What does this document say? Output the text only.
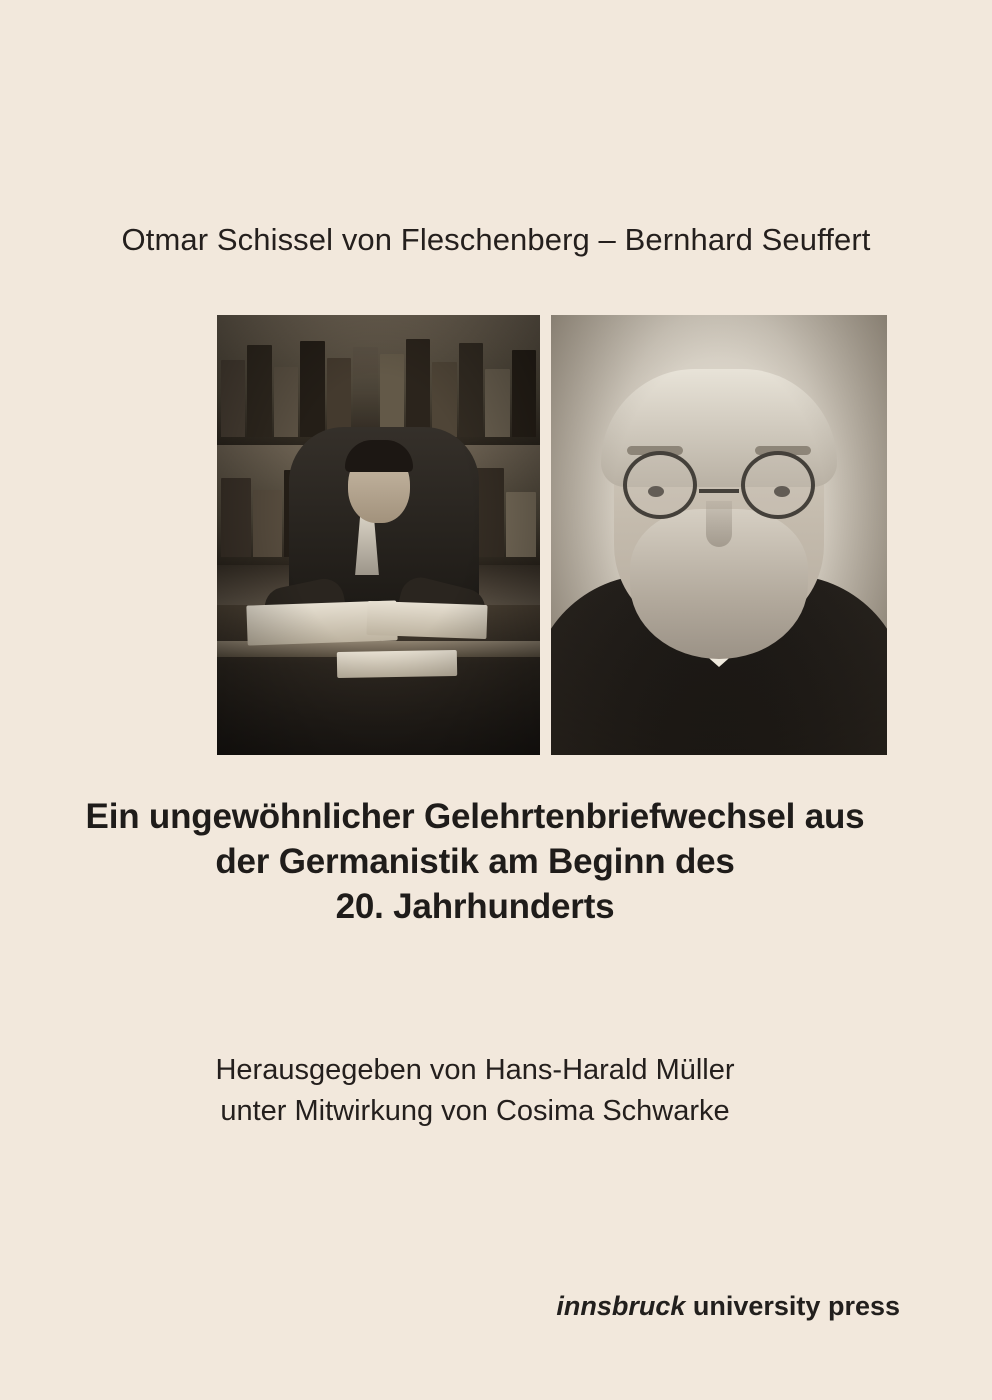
Otmar Schissel von Fleschenberg – Bernhard Seuffert
Ein ungewöhnlicher Gelehrtenbriefwechsel aus der Germanistik am Beginn des
20. Jahrhunderts
Herausgegeben von Hans-Harald Müller
unter Mitwirkung von Cosima Schwarke
innsbruck university press
